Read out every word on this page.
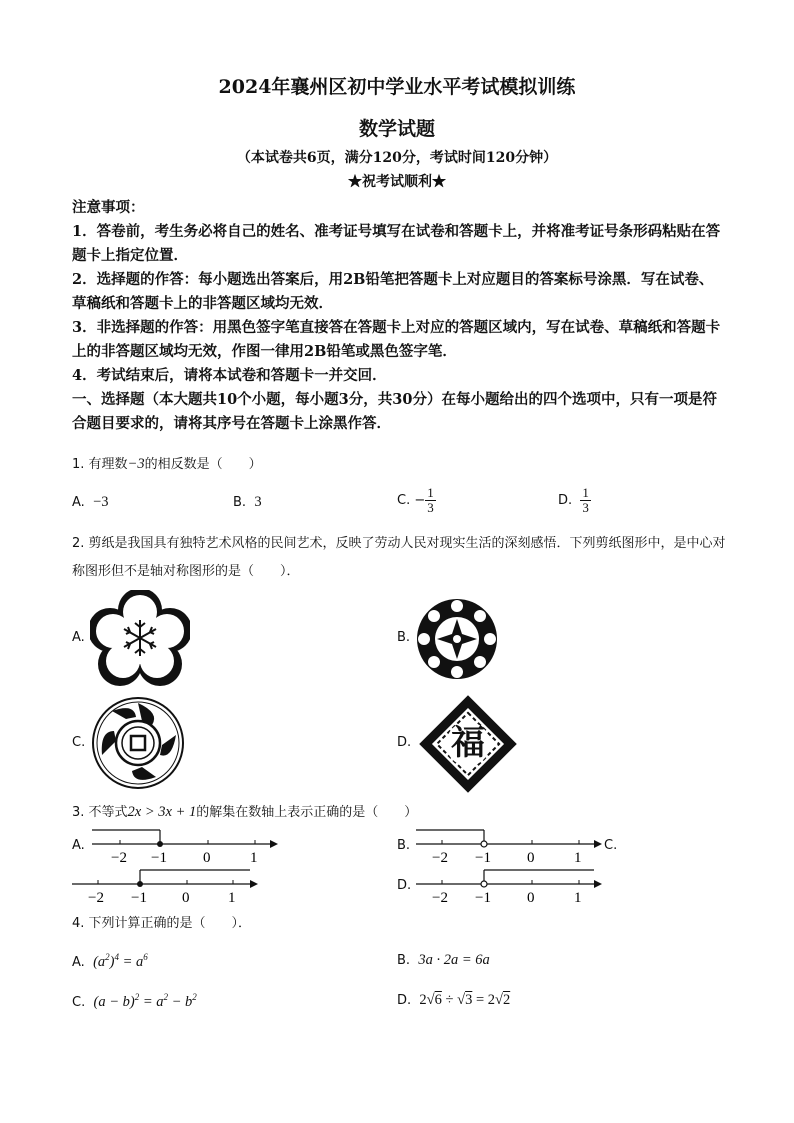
2024年襄州区初中学业水平考试模拟训练
数学试题
（本试卷共6页，满分120分，考试时间120分钟）
★祝考试顺利★
注意事项：
1．答卷前，考生务必将自己的姓名、准考证号填写在试卷和答题卡上，并将准考证号条形码粘贴在答题卡上指定位置．
2．选择题的作答：每小题选出答案后，用2B铅笔把答题卡上对应题目的答案标号涂黑．写在试卷、草稿纸和答题卡上的非答题区域均无效．
3．非选择题的作答：用黑色签字笔直接答在答题卡上对应的答题区域内，写在试卷、草稿纸和答题卡上的非答题区域均无效，作图一律用2B铅笔或黑色签字笔．
4．考试结束后，请将本试卷和答题卡一并交回．
一、选择题（本大题共10个小题，每小题3分，共30分）在每小题给出的四个选项中，只有一项是符合题目要求的，请将其序号在答题卡上涂黑作答．
1. 有理数−3的相反数是（　　）
A. −3	B. 3	C. − $\frac{1}{3}$	D. $\frac{1}{3}$
2. 剪纸是我国具有独特艺术风格的民间艺术，反映了劳动人民对现实生活的深刻感悟．下列剪纸图形中，是中心对称图形但不是轴对称图形的是（　　）．
A.	B.
C.	D. 福
3. 不等式2x > 3x + 1的解集在数轴上表示正确的是（　　）
A.
−2 −1 0	1
B.
−2 −1 0	1
C.
−2 −1 0	1
D.
−2 −1 0	1
4. 下列计算正确的是（　　）．
A. $(a^2)^4 = a^6$	B. 3a · 2a = 6a
C. $(a - b)^2 = a^2 - b^2$	D. 2√6 ÷ √3 = 2√2
